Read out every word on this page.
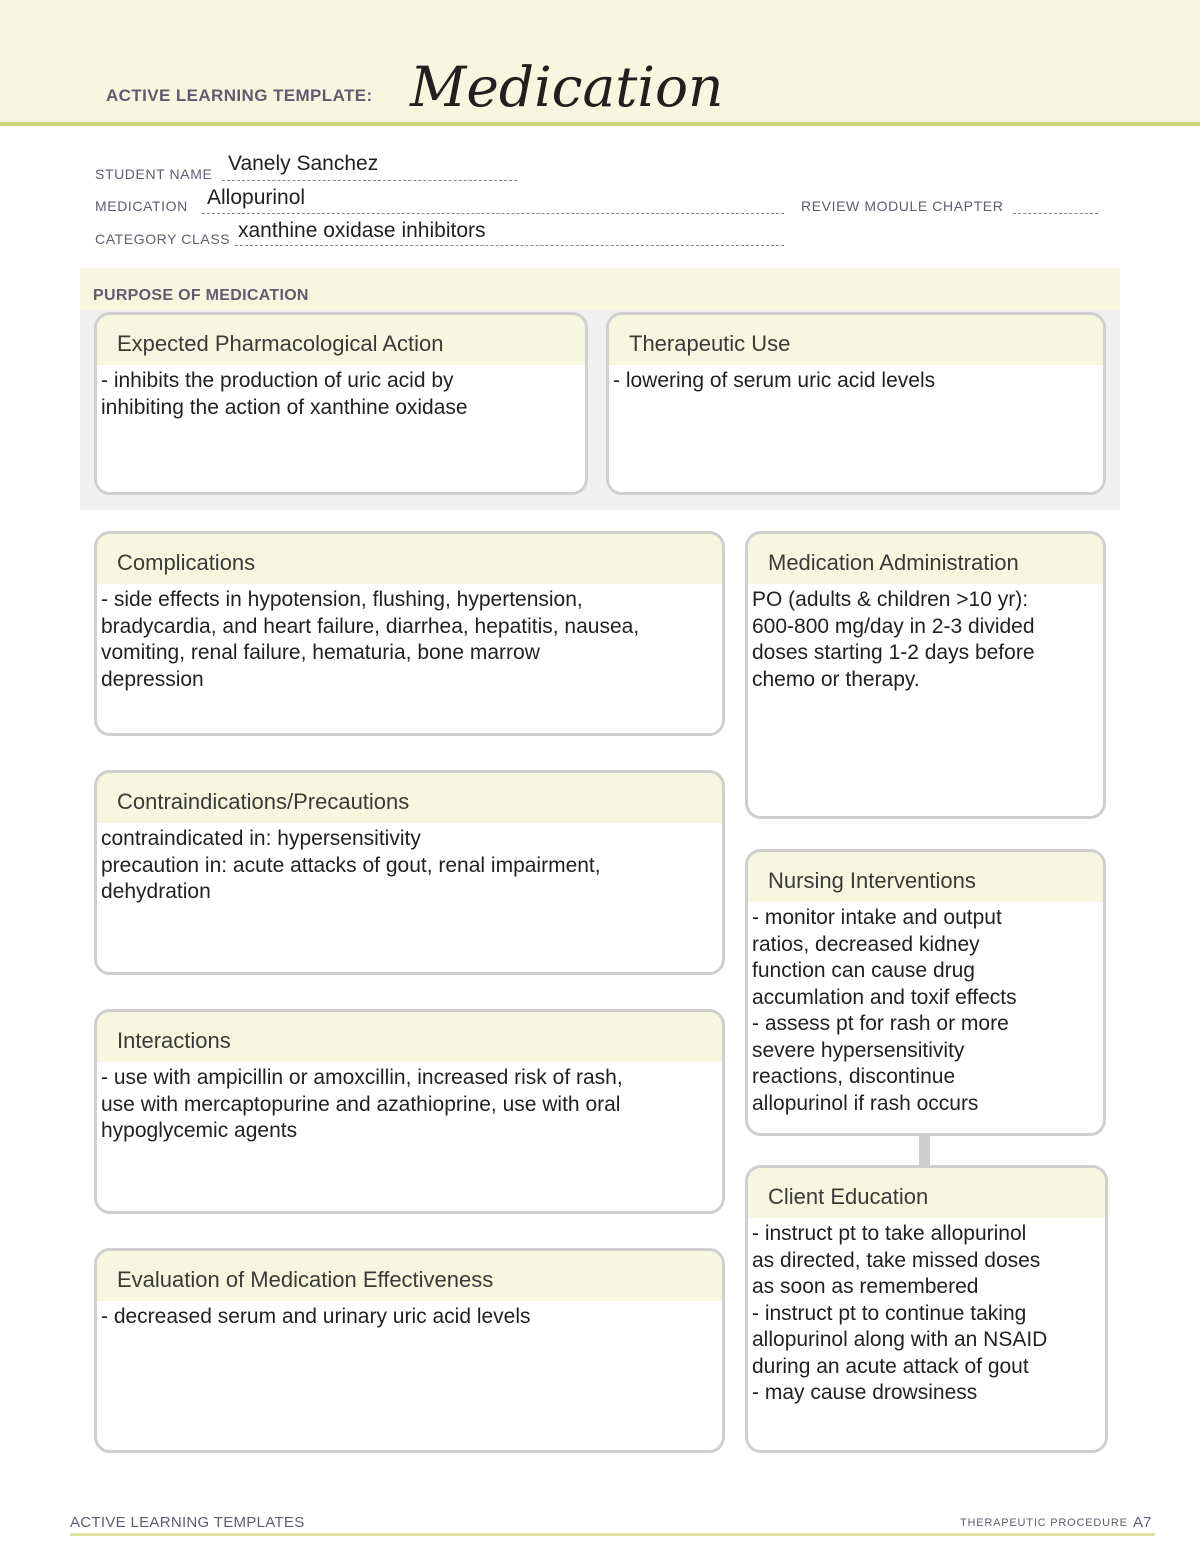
ACTIVE LEARNING TEMPLATE: Medication
STUDENT NAME Vanely Sanchez
MEDICATION Allopurinol	REVIEW MODULE CHAPTER
CATEGORY CLASS xanthine oxidase inhibitors
PURPOSE OF MEDICATION
Expected Pharmacological Action
- inhibits the production of uric acid by
inhibiting the action of xanthine oxidase
Therapeutic Use
- lowering of serum uric acid levels
Complications
- side effects in hypotension, flushing, hypertension,
bradycardia, and heart failure, diarrhea, hepatitis, nausea,
vomiting, renal failure, hematuria, bone marrow
depression
Contraindications/Precautions
contraindicated in: hypersensitivity
precaution in: acute attacks of gout, renal impairment,
dehydration
Interactions
- use with ampicillin or amoxcillin, increased risk of rash,
use with mercaptopurine and azathioprine, use with oral
hypoglycemic agents
Evaluation of Medication Effectiveness
- decreased serum and urinary uric acid levels
Medication Administration
PO (adults & children >10 yr):
600-800 mg/day in 2-3 divided
doses starting 1-2 days before
chemo or therapy.
Nursing Interventions
- monitor intake and output
ratios, decreased kidney
function can cause drug
accumlation and toxif effects
- assess pt for rash or more
severe hypersensitivity
reactions, discontinue
allopurinol if rash occurs
Client Education
- instruct pt to take allopurinol
as directed, take missed doses
as soon as remembered
- instruct pt to continue taking
allopurinol along with an NSAID
during an acute attack of gout
- may cause drowsiness
ACTIVE LEARNING TEMPLATES	THERAPEUTIC PROCEDURE A7
